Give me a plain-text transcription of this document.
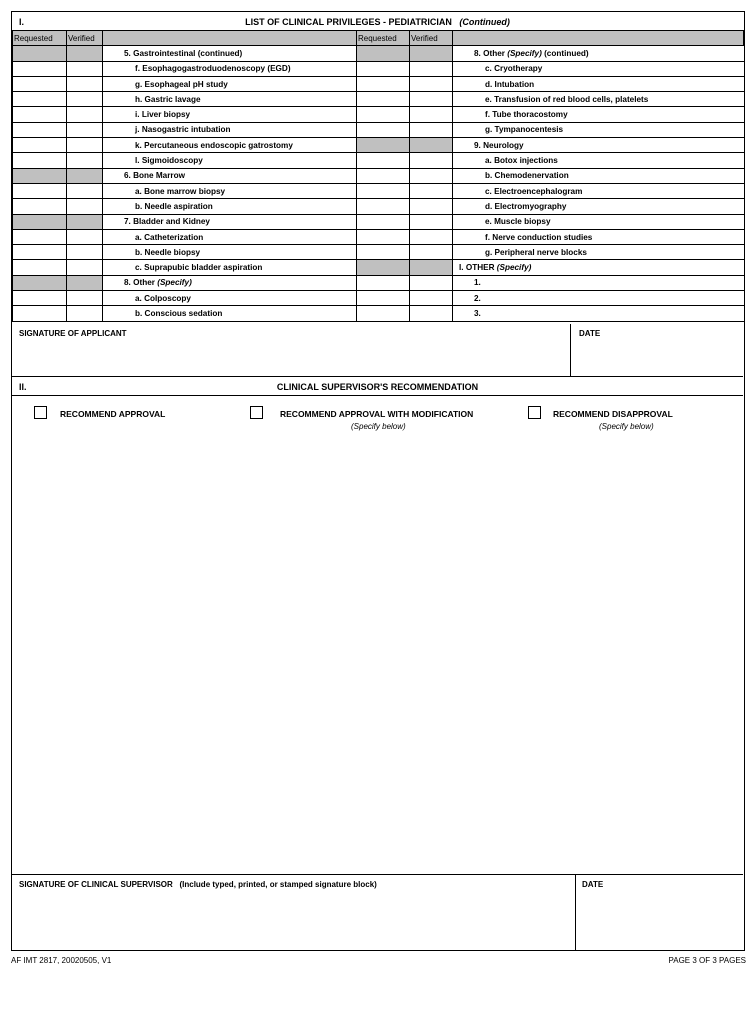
I.	LIST OF CLINICAL PRIVILEGES - PEDIATRICIAN (Continued)
Requested	Verified		Requested	Verified	
		5. Gastrointestinal (continued)			8. Other (Specify) (continued)
		f. Esophagogastroduodenoscopy (EGD)			c. Cryotherapy
		g. Esophageal pH study			d. Intubation
		h. Gastric lavage			e. Transfusion of red blood cells, platelets
		i. Liver biopsy			f. Tube thoracostomy
		j. Nasogastric intubation			g. Tympanocentesis
		k. Percutaneous endoscopic gatrostomy			9. Neurology
		l. Sigmoidoscopy			a. Botox injections
		6. Bone Marrow			b. Chemodenervation
		a. Bone marrow biopsy			c. Electroencephalogram
		b. Needle aspiration			d. Electromyography
		7. Bladder and Kidney			e. Muscle biopsy
		a. Catheterization			f. Nerve conduction studies
		b. Needle biopsy			g. Peripheral nerve blocks
		c. Suprapubic bladder aspiration			I. OTHER (Specify)
		8. Other (Specify)			1.
		a. Colposcopy			2.
		b. Conscious sedation			3.
SIGNATURE OF APPLICANT	DATE
II.	CLINICAL SUPERVISOR'S RECOMMENDATION
RECOMMEND APPROVAL	RECOMMEND APPROVAL WITH MODIFICATION
(Specify below)
RECOMMEND DISAPPROVAL
(Specify below)
SIGNATURE OF CLINICAL SUPERVISOR (Include typed, printed, or stamped signature block)	DATE
AF IMT 2817, 20020505, V1	PAGE 3 OF 3 PAGES
